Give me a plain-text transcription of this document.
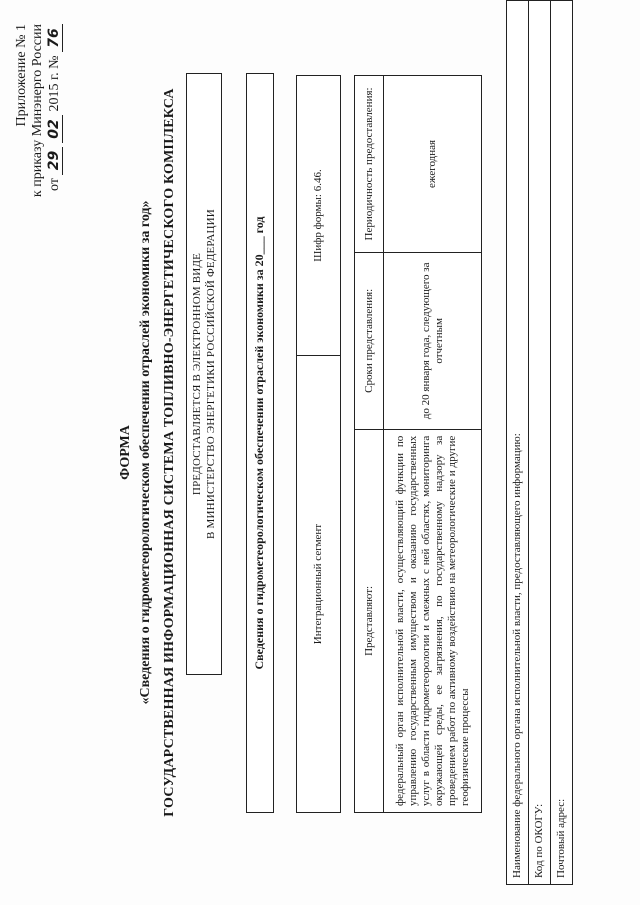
Приложение № 1 к приказу Минэнерго России от 29 02 2015 г. № 76
ФОРМА «Сведения о гидрометеорологическом обеспечении отраслей экономики за год» ГОСУДАРСТВЕННАЯ ИНФОРМАЦИОННАЯ СИСТЕМА ТОПЛИВНО-ЭНЕРГЕТИЧЕСКОГО КОМПЛЕКСА	ПРЕДОСТАВЛЯЕТСЯ В ЭЛЕКТРОННОМ ВИДЕ В МИНИСТЕРСТВО ЭНЕРГЕТИКИ РОССИЙСКОЙ ФЕДЕРАЦИИ	Сведения о гидрометеорологическом обеспечении отраслей экономики за 20___ год	Интеграционный сегмент	Шифр формы: 6.46.
Представляют:	Сроки представления:	Периодичность предоставления:
федеральный орган исполнительной власти, осуществляющий функции по управлению государственным имуществом и оказанию государственных услуг в области гидрометеорологии и смежных с ней областях, мониторинга окружающей среды, ее загрязнения, по государственному надзору за проведением работ по активному воздействию на метеорологические и другие геофизические процессы	до 20 января года, следующего за отчетным	ежегодная
Наименование федерального органа исполнительной власти, предоставляющего информацию:
Код по ОКОГУ:
Почтовый адрес:
